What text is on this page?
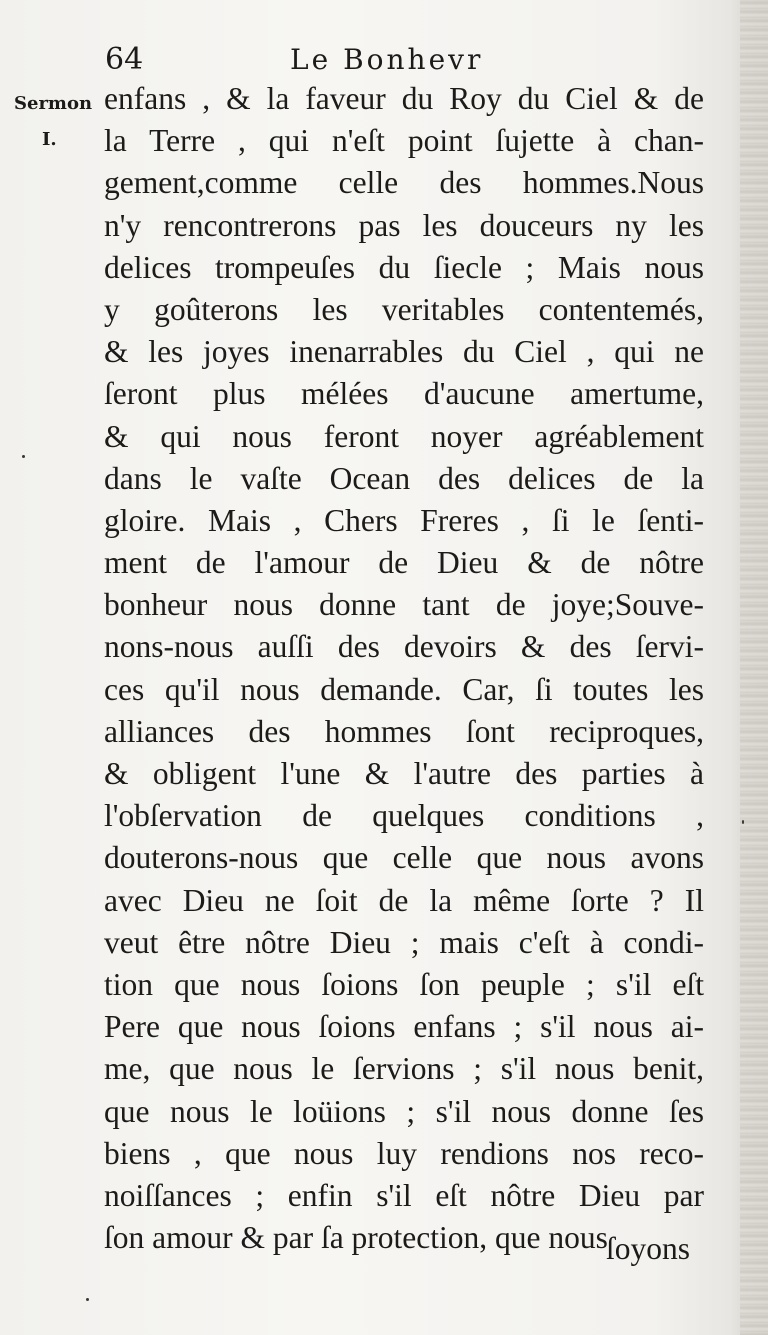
64	Le Bonhevr
Sermon
I.
enfans , & la faveur du Roy du Ciel & de
la Terre , qui n'eſt point ſujette à chan-
gement,comme celle des hommes.Nous
n'y rencontrerons pas les douceurs ny les
delices trompeuſes du ſiecle ; Mais nous
y goûterons les veritables contentemés,
& les joyes inenarrables du Ciel , qui ne
ſeront plus mélées d'aucune amertume,
& qui nous feront noyer agréablement
dans le vaſte Ocean des delices de la
gloire. Mais , Chers Freres , ſi le ſenti-
ment de l'amour de Dieu & de nôtre
bonheur nous donne tant de joye;Souve-
nons-nous auſſi des devoirs & des ſervi-
ces qu'il nous demande. Car, ſi toutes les
alliances des hommes ſont reciproques,
& obligent l'une & l'autre des parties à
l'obſervation de quelques conditions ,
douterons-nous que celle que nous avons
avec Dieu ne ſoit de la même ſorte ? Il
veut être nôtre Dieu ; mais c'eſt à condi-
tion que nous ſoions ſon peuple ; s'il eſt
Pere que nous ſoions enfans ; s'il nous ai-
me, que nous le ſervions ; s'il nous benit,
que nous le loüions ; s'il nous donne ſes
biens , que nous luy rendions nos reco-
noiſſances ; enfin s'il eſt nôtre Dieu par
ſon amour & par ſa protection, que nous
ſoyons
